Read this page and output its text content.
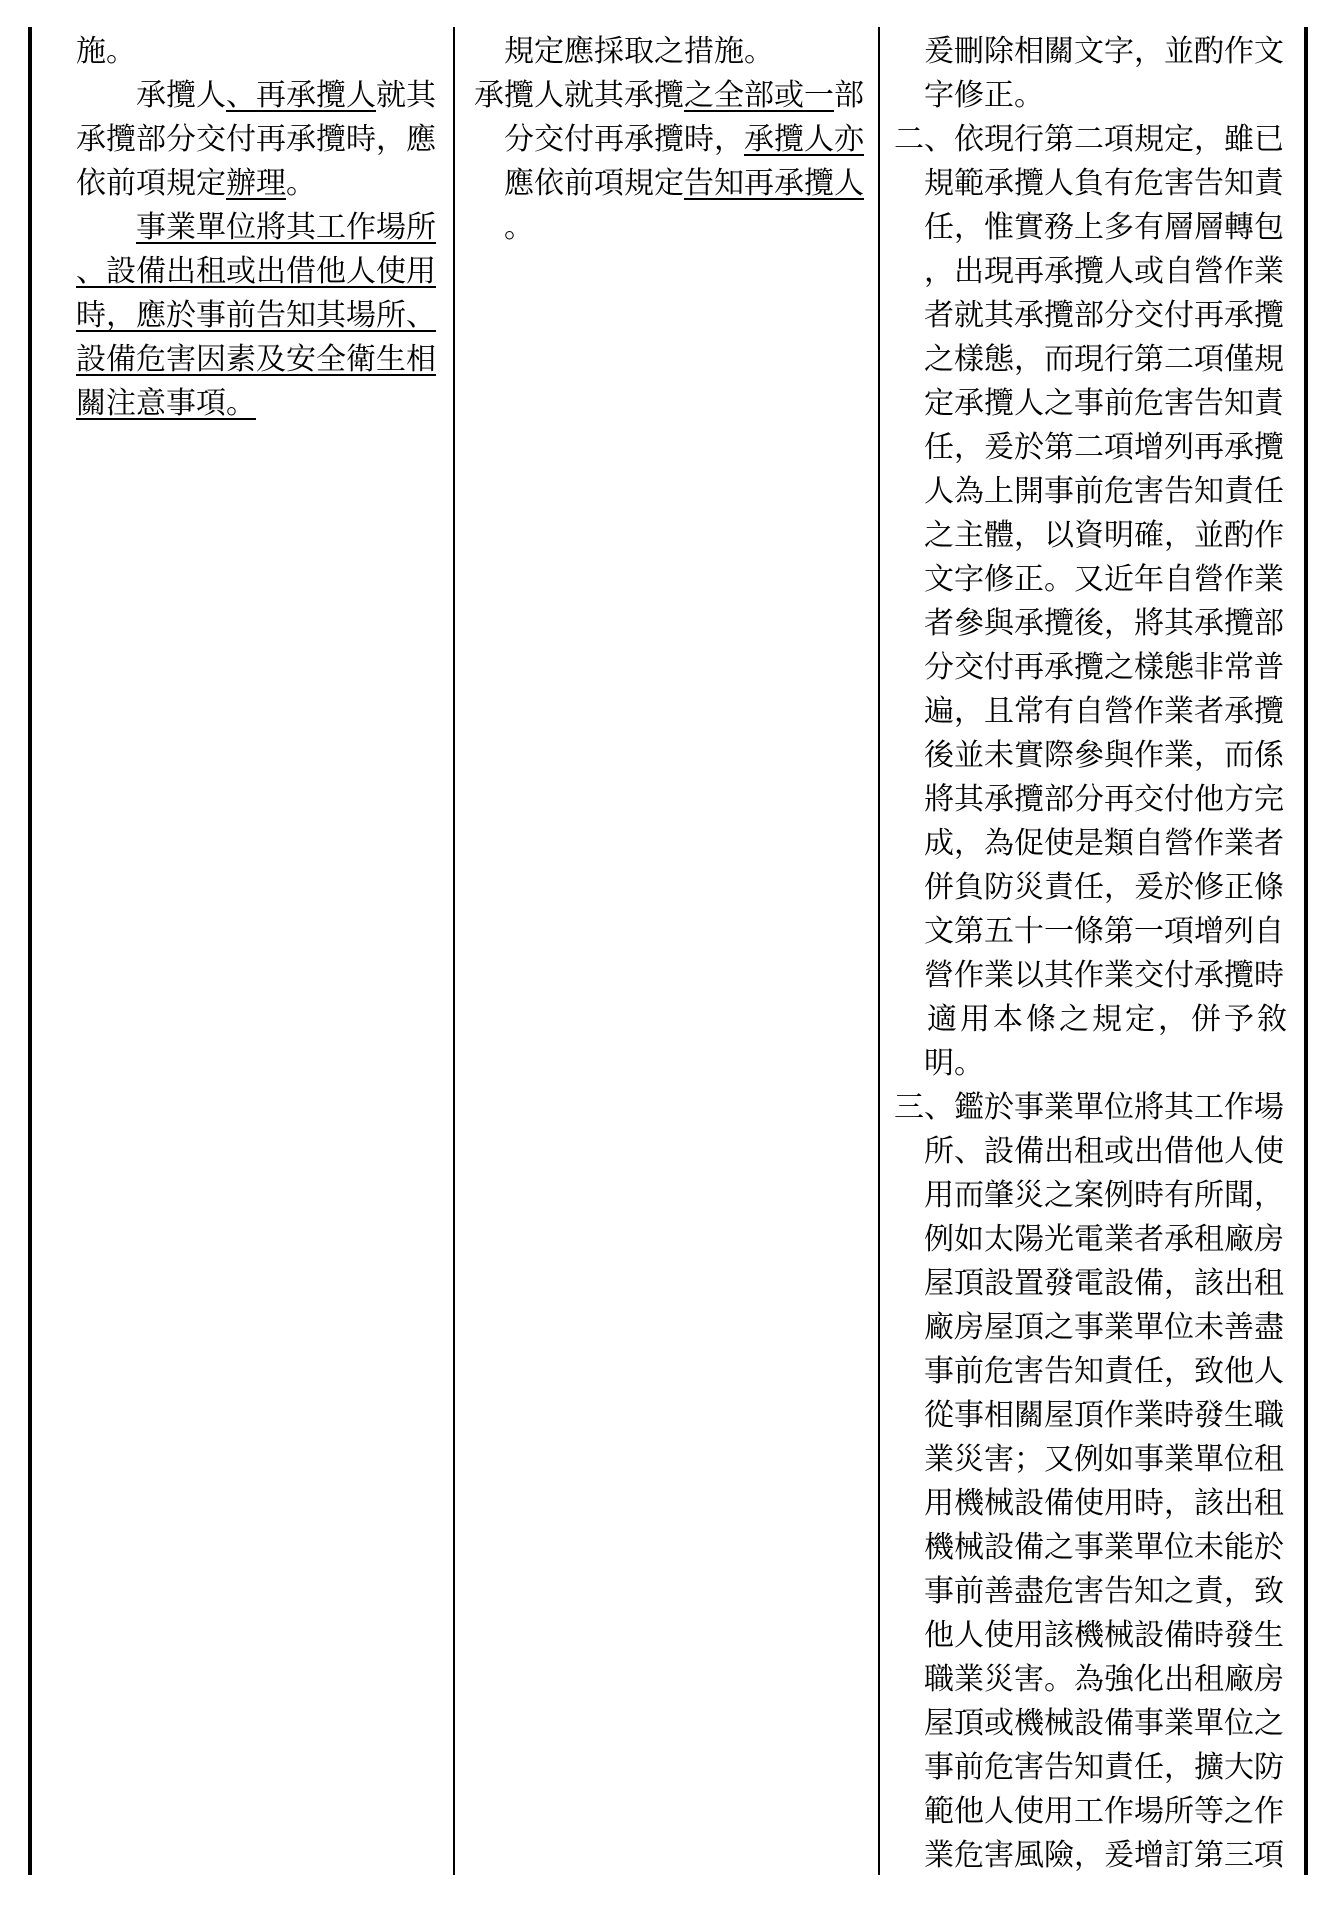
施。
　　承攬人、再承攬人就其
承攬部分交付再承攬時，應
依前項規定辦理。
　　事業單位將其工作場所
、設備出租或出借他人使用
時，應於事前告知其場所、
設備危害因素及安全衛生相
關注意事項。
　規定應採取之措施。
承攬人就其承攬之全部或一部
　分交付再承攬時，承攬人亦
　應依前項規定告知再承攬人
　。
　爰刪除相關文字，並酌作文
　字修正。
二、依現行第二項規定，雖已
　規範承攬人負有危害告知責
　任，惟實務上多有層層轉包
　，出現再承攬人或自營作業
　者就其承攬部分交付再承攬
　之樣態，而現行第二項僅規
　定承攬人之事前危害告知責
　任，爰於第二項增列再承攬
　人為上開事前危害告知責任
　之主體，以資明確，並酌作
　文字修正。又近年自營作業
　者參與承攬後，將其承攬部
　分交付再承攬之樣態非常普
　遍，且常有自營作業者承攬
　後並未實際參與作業，而係
　將其承攬部分再交付他方完
　成，為促使是類自營作業者
　併負防災責任，爰於修正條
　文第五十一條第一項增列自
　營作業以其作業交付承攬時
　適用本條之規定，併予敘
　明。
三、鑑於事業單位將其工作場
　所、設備出租或出借他人使
　用而肇災之案例時有所聞，
　例如太陽光電業者承租廠房
　屋頂設置發電設備，該出租
　廠房屋頂之事業單位未善盡
　事前危害告知責任，致他人
　從事相關屋頂作業時發生職
　業災害；又例如事業單位租
　用機械設備使用時，該出租
　機械設備之事業單位未能於
　事前善盡危害告知之責，致
　他人使用該機械設備時發生
　職業災害。為強化出租廠房
　屋頂或機械設備事業單位之
　事前危害告知責任，擴大防
　範他人使用工作場所等之作
　業危害風險，爰增訂第三項
